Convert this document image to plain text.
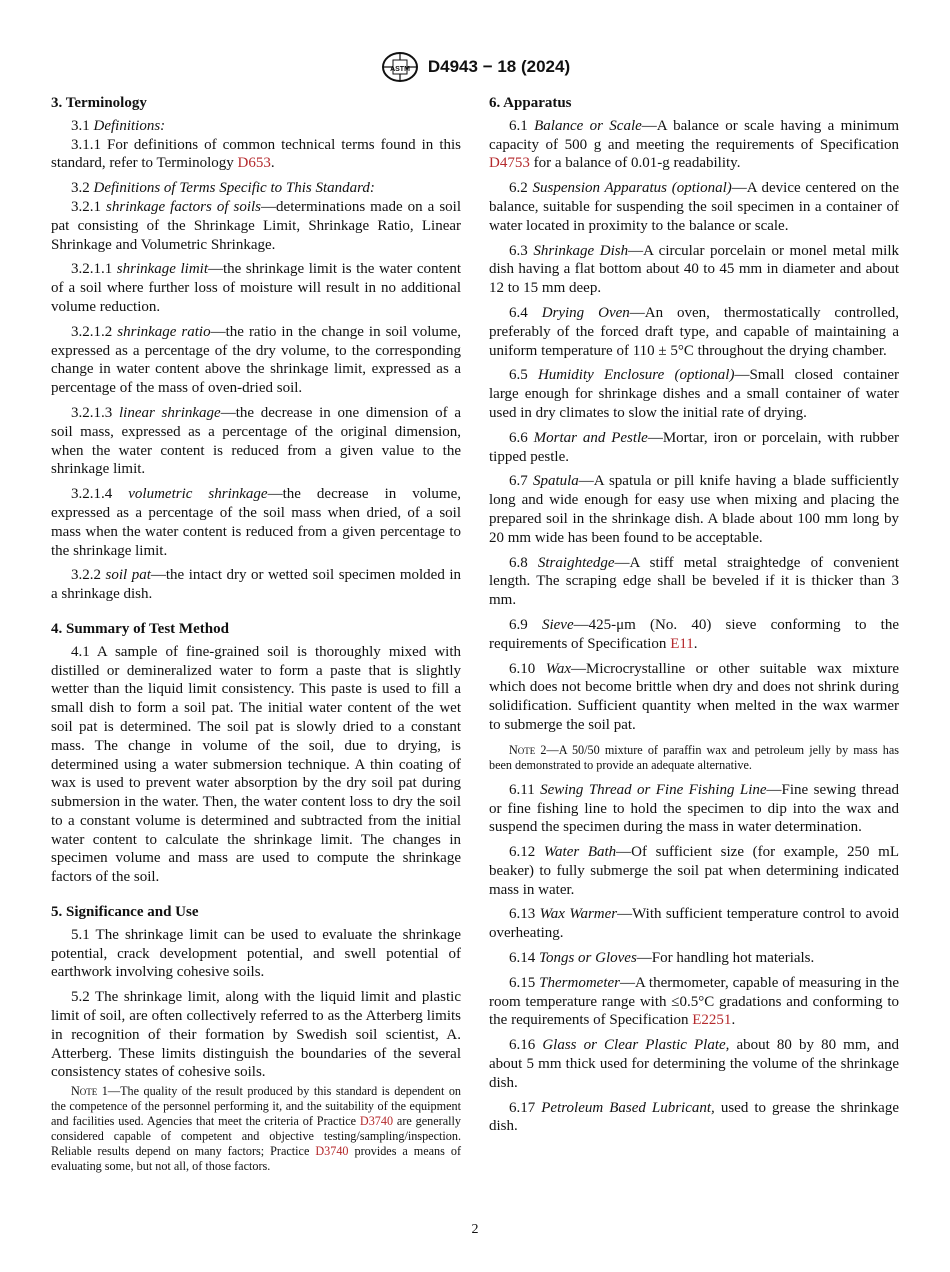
ASTM D4943 − 18 (2024)
3. Terminology

3.1 Definitions:

3.1.1 For definitions of common technical terms found in this standard, refer to Terminology D653.

3.2 Definitions of Terms Specific to This Standard:

3.2.1 shrinkage factors of soils—determinations made on a soil pat consisting of the Shrinkage Limit, Shrinkage Ratio, Linear Shrinkage and Volumetric Shrinkage.

3.2.1.1 shrinkage limit—the shrinkage limit is the water content of a soil where further loss of moisture will result in no additional volume reduction.

3.2.1.2 shrinkage ratio—the ratio in the change in soil volume, expressed as a percentage of the dry volume, to the corresponding change in water content above the shrinkage limit, expressed as a percentage of the mass of oven-dried soil.

3.2.1.3 linear shrinkage—the decrease in one dimension of a soil mass, expressed as a percentage of the original dimension, when the water content is reduced from a given value to the shrinkage limit.

3.2.1.4 volumetric shrinkage—the decrease in volume, expressed as a percentage of the soil mass when dried, of a soil mass when the water content is reduced from a given percentage to the shrinkage limit.

3.2.2 soil pat—the intact dry or wetted soil specimen molded in a shrinkage dish.

4. Summary of Test Method

4.1 A sample of fine-grained soil is thoroughly mixed with distilled or demineralized water to form a paste that is slightly wetter than the liquid limit consistency. This paste is used to fill a small dish to form a soil pat. The initial water content of the wet soil pat is determined. The soil pat is slowly dried to a constant mass. The change in volume of the soil, due to drying, is determined using a water submersion technique. A thin coating of wax is used to prevent water absorption by the dry soil pat during submersion in the water. Then, the water content loss to dry the soil to a constant volume is determined and subtracted from the initial water content to calculate the shrinkage limit. The changes in specimen volume and mass are used to compute the shrinkage factors of the soil.

5. Significance and Use

5.1 The shrinkage limit can be used to evaluate the shrinkage potential, crack development potential, and swell potential of earthwork involving cohesive soils.

5.2 The shrinkage limit, along with the liquid limit and plastic limit of soil, are often collectively referred to as the Atterberg limits in recognition of their formation by Swedish soil scientist, A. Atterberg. These limits distinguish the boundaries of the several consistency states of cohesive soils.

Note 1—The quality of the result produced by this standard is dependent on the competence of the personnel performing it, and the suitability of the equipment and facilities used. Agencies that meet the criteria of Practice D3740 are generally considered capable of competent and objective testing/sampling/inspection. Reliable results depend on many factors; Practice D3740 provides a means of evaluating some, but not all, of those factors.
6. Apparatus

6.1 Balance or Scale—A balance or scale having a minimum capacity of 500 g and meeting the requirements of Specification D4753 for a balance of 0.01-g readability.

6.2 Suspension Apparatus (optional)—A device centered on the balance, suitable for suspending the soil specimen in a container of water located in proximity to the balance or scale.

6.3 Shrinkage Dish—A circular porcelain or monel metal milk dish having a flat bottom about 40 to 45 mm in diameter and about 12 to 15 mm deep.

6.4 Drying Oven—An oven, thermostatically controlled, preferably of the forced draft type, and capable of maintaining a uniform temperature of 110 ± 5°C throughout the drying chamber.

6.5 Humidity Enclosure (optional)—Small closed container large enough for shrinkage dishes and a small container of water used in dry climates to slow the initial rate of drying.

6.6 Mortar and Pestle—Mortar, iron or porcelain, with rubber tipped pestle.

6.7 Spatula—A spatula or pill knife having a blade sufficiently long and wide enough for easy use when mixing and placing the prepared soil in the shrinkage dish. A blade about 100 mm long by 20 mm wide has been found to be acceptable.

6.8 Straightedge—A stiff metal straightedge of convenient length. The scraping edge shall be beveled if it is thicker than 3 mm.

6.9 Sieve—425-μm (No. 40) sieve conforming to the requirements of Specification E11.

6.10 Wax—Microcrystalline or other suitable wax mixture which does not become brittle when dry and does not shrink during solidification. Sufficient quantity when melted in the wax warmer to submerge the soil pat.

Note 2—A 50/50 mixture of paraffin wax and petroleum jelly by mass has been demonstrated to provide an adequate alternative.

6.11 Sewing Thread or Fine Fishing Line—Fine sewing thread or fine fishing line to hold the specimen to dip into the wax and suspend the specimen during the mass in water determination.

6.12 Water Bath—Of sufficient size (for example, 250 mL beaker) to fully submerge the soil pat when determining indicated mass in water.

6.13 Wax Warmer—With sufficient temperature control to avoid overheating.

6.14 Tongs or Gloves—For handling hot materials.

6.15 Thermometer—A thermometer, capable of measuring in the room temperature range with ≤0.5°C gradations and conforming to the requirements of Specification E2251.

6.16 Glass or Clear Plastic Plate, about 80 by 80 mm, and about 5 mm thick used for determining the volume of the shrinkage dish.

6.17 Petroleum Based Lubricant, used to grease the shrinkage dish.

2
